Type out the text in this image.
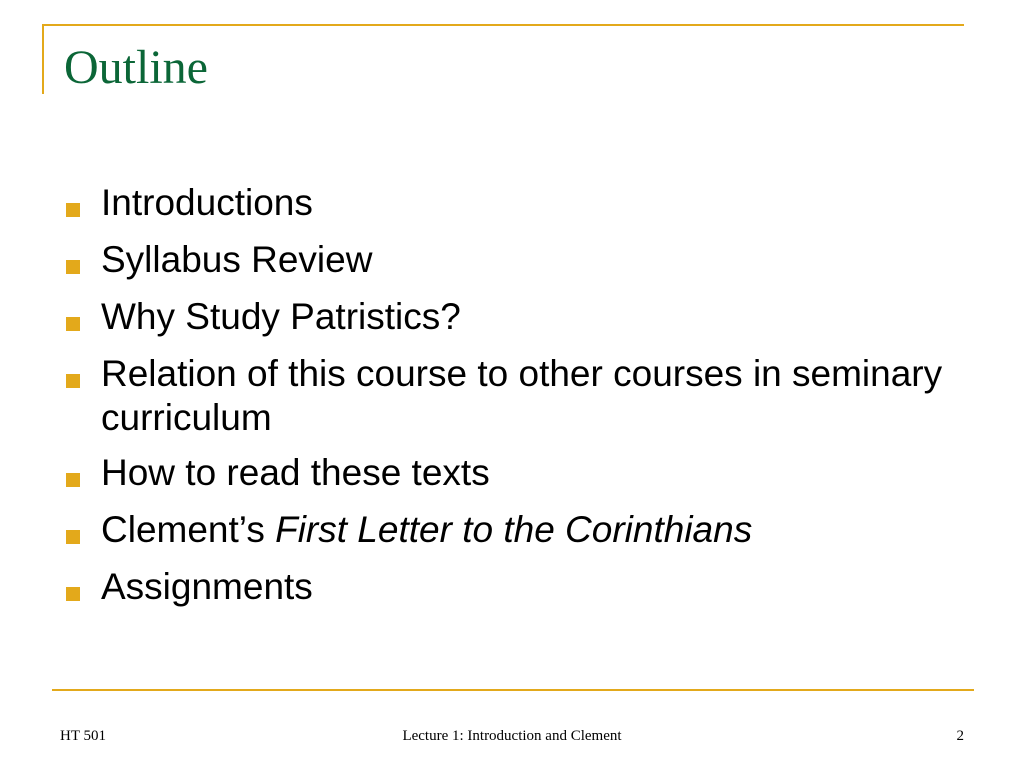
Outline
Introductions
Syllabus Review
Why Study Patristics?
Relation of this course to other courses in seminary curriculum
How to read these texts
Clement’s First Letter to the Corinthians
Assignments
HT 501	Lecture 1: Introduction and Clement	2
